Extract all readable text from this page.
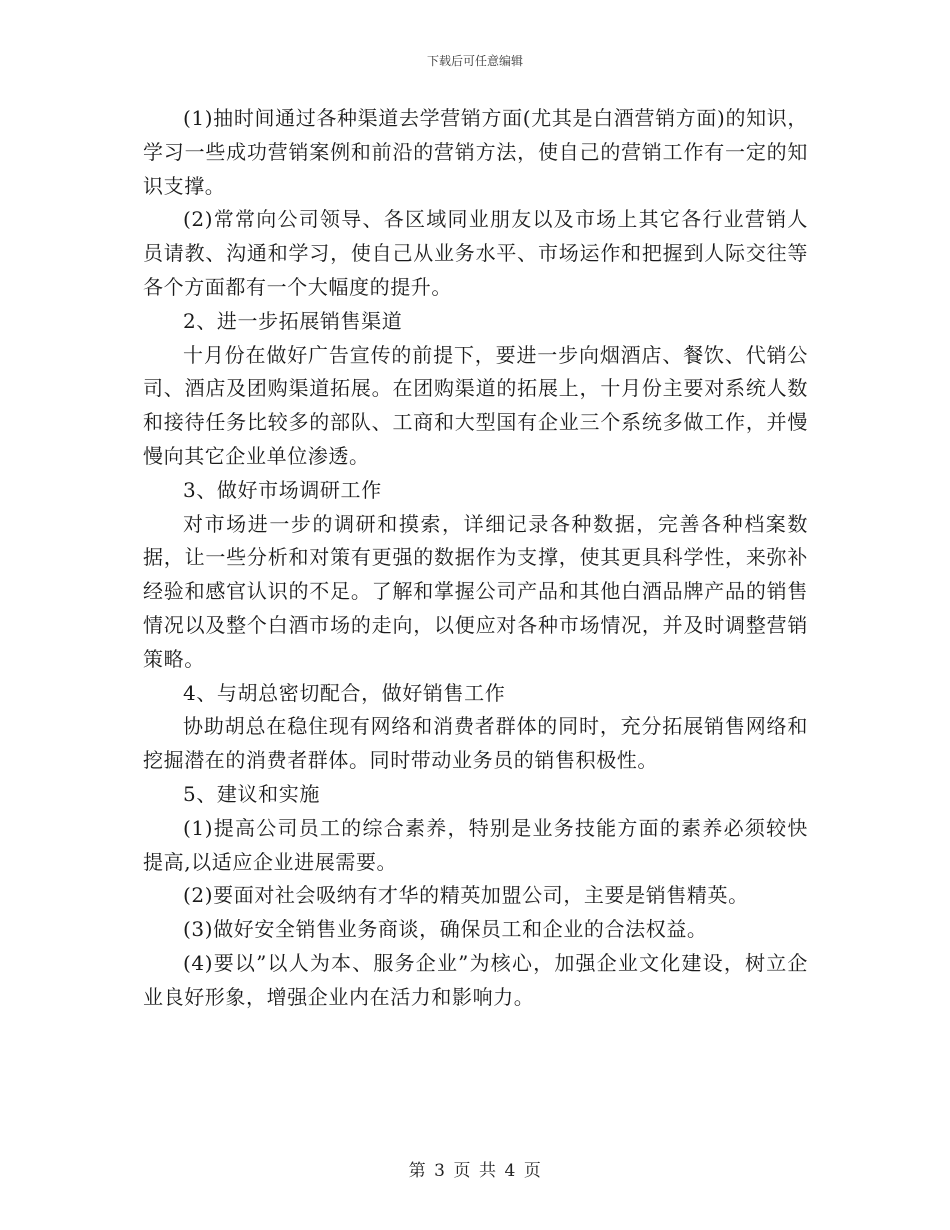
下载后可任意编辑

(1)抽时间通过各种渠道去学营销方面(尤其是白酒营销方面)的知识，学习一些成功营销案例和前沿的营销方法，使自己的营销工作有一定的知识支撑。

(2)常常向公司领导、各区域同业朋友以及市场上其它各行业营销人员请教、沟通和学习，使自己从业务水平、市场运作和把握到人际交往等各个方面都有一个大幅度的提升。

2、进一步拓展销售渠道

十月份在做好广告宣传的前提下，要进一步向烟酒店、餐饮、代销公司、酒店及团购渠道拓展。在团购渠道的拓展上，十月份主要对系统人数和接待任务比较多的部队、工商和大型国有企业三个系统多做工作，并慢慢向其它企业单位渗透。

3、做好市场调研工作

对市场进一步的调研和摸索，详细记录各种数据，完善各种档案数据，让一些分析和对策有更强的数据作为支撑，使其更具科学性，来弥补经验和感官认识的不足。了解和掌握公司产品和其他白酒品牌产品的销售情况以及整个白酒市场的走向，以便应对各种市场情况，并及时调整营销策略。

4、与胡总密切配合，做好销售工作

协助胡总在稳住现有网络和消费者群体的同时，充分拓展销售网络和挖掘潜在的消费者群体。同时带动业务员的销售积极性。

5、建议和实施

(1)提高公司员工的综合素养，特别是业务技能方面的素养必须较快提高,以适应企业进展需要。

(2)要面对社会吸纳有才华的精英加盟公司，主要是销售精英。

(3)做好安全销售业务商谈，确保员工和企业的合法权益。

(4)要以”以人为本、服务企业”为核心，加强企业文化建设，树立企业良好形象，增强企业内在活力和影响力。

第 3 页 共 4 页
